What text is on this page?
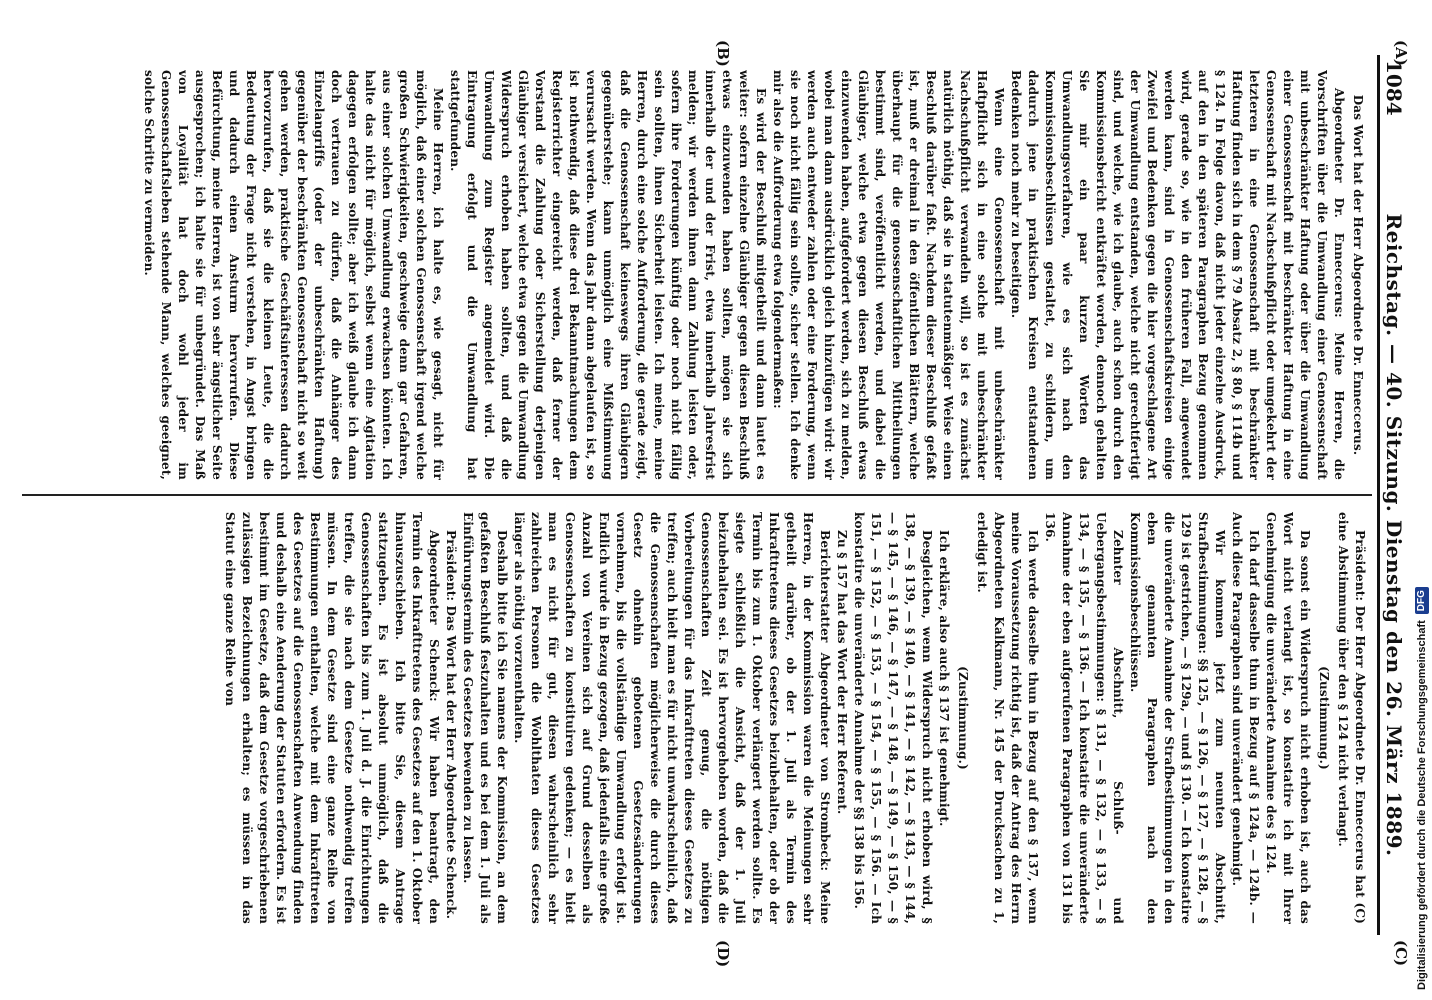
1084
Reichstag. — 40. Sitzung. Dienstag den 26. März 1889.
(A)
(B)
(C)
(D)

Das Wort hat der Herr Abgeordnete Dr. Enneccerus.

Abgeordneter Dr. Enneccerus: Meine Herren, die Vorschriften über die Umwandlung einer Genossenschaft mit unbeschränkter Haftung oder über die Umwandlung einer Genossenschaft mit beschränkter Haftung in eine Genossenschaft mit Nachschußpflicht oder umgekehrt der letzteren in eine Genossenschaft mit beschränkter Haftung finden sich in dem § 79 Absatz 2, § 80, § 114b und § 124. In Folge davon, daß nicht jeder einzelne Ausdruck, auf den in den späteren Paragraphen Bezug genommen wird, gerade so, wie in den früheren Fall, angewendet werden kann, sind in Genossenschaftskreisen einige Zweifel und Bedenken gegen die hier vorgeschlagene Art der Umwandlung entstanden, welche nicht gerechtfertigt sind, und welche, wie ich glaube, auch schon durch den Kommissionsbericht entkräftet worden, dennoch gehalten Sie mir ein paar kurzen Worten das Umwandlungsverfahren, wie es sich nach den Kommissionsbeschlüssen gestaltet, zu schildern, um dadurch jene in praktischen Kreisen entstandenen Bedenken noch mehr zu beseitigen.

Wenn eine Genossenschaft mit unbeschränkter Haftpflicht sich in eine solche mit unbeschränkter Nachschußpflicht verwandeln will, so ist es zunächst natürlich nöthig, daß sie in statutenmäßiger Weise einen Beschluß darüber faßt. Nachdem dieser Beschluß gefaßt ist, muß er dreimal in den öffentlichen Blättern, welche überhaupt für die genossenschaftlichen Mittheilungen bestimmt sind, veröffentlicht werden, und dabei die Gläubiger, welche etwa gegen diesen Beschluß etwas einzuwenden haben, aufgefordert werden, sich zu melden, wobei man dann ausdrücklich gleich hinzufügen wird: wir werden auch entweder zahlen oder eine Forderung, wenn sie noch nicht fällig sein sollte, sicher stellen. Ich denke mir also die Aufforderung etwa folgendermaßen:

Es wird der Beschluß mitgetheilt und dann lautet es weiter: sofern einzelne Gläubiger gegen diesen Beschluß etwas einzuwenden haben sollten, mögen sie sich innerhalb der und der Frist, etwa innerhalb Jahresfrist melden; wir werden ihnen dann Zahlung leisten oder, sofern ihre Forderungen künftig oder noch nicht fällig sein sollten, ihnen Sicherheit leisten. Ich meine, meine Herren, durch eine solche Aufforderung, die gerade zeigt, daß die Genossenschaft keineswegs ihren Gläubigern gegenüberstehe; kann unmöglich eine Mißstimmung verursacht werden. Wenn das Jahr dann abgelaufen ist, so ist nothwendig, daß diese drei Bekanntmachungen dem Registerrichter eingereicht werden, daß ferner der Vorstand die Zahlung oder Sicherstellung derjenigen Gläubiger versichert, welche etwa gegen die Umwandlung Widerspruch erhoben haben sollten, und daß die Umwandlung zum Register angemeldet wird. Die Eintragung erfolgt und die Umwandlung hat stattgefunden.

Meine Herren, ich halte es, wie gesagt, nicht für möglich, daß einer solchen Genossenschaft irgend welche großen Schwierigkeiten, geschweige denn gar Gefahren, aus einer solchen Umwandlung erwachsen könnten. Ich halte das nicht für möglich, selbst wenn eine Agitation dagegen erfolgen sollte; aber ich weiß glaube ich dann doch vertrauen zu dürfen, daß die Anhänger des Einzelangriffs (oder der unbeschränkten Haftung) gegenüber der beschränkten Genossenschaft nicht so weit gehen werden, praktische Geschäftsinteressen dadurch hervorzurufen, daß sie die kleinen Leute, die die Bedeutung der Frage nicht verstehen, in Angst bringen und dadurch einen Ansturm hervorrufen. Diese Befürchtung, meine Herren, ist von sehr ängstlicher Seite ausgesprochen; ich halte sie für unbegründet. Das Maß von Loyalität hat doch wohl jeder im Genossenschaftsleben stehende Mann, welches geeignet, solche Schritte zu vermeiden.

Präsident: Der Herr Abgeordnete Dr. Enneccerus hat (C) eine Abstimmung über den § 124 nicht verlangt.

(Zustimmung.)

Da sonst ein Widerspruch nicht erhoben ist, auch das Wort nicht verlangt ist, so konstatire ich mit Ihrer Genehmigung die unveränderte Annahme des § 124.

Ich darf dasselbe thun in Bezug auf § 124a, — 124b. — Auch diese Paragraphen sind unverändert genehmigt.

Wir kommen jetzt zum neunten Abschnitt, Strafbestimmungen: §§ 125, — § 126, — § 127, — § 128, — § 129 ist gestrichen, — § 129a, — und § 130. — Ich konstatire die unveränderte Annahme der Strafbestimmungen in den eben genannten Paragraphen nach den Kommissionsbeschlüssen.

Zehnter Abschnitt, Schluß- und Uebergangsbestimmungen: § 131, — § 132, — § 133, — § 134, — § 135, — § 136. — Ich konstatire die unveränderte Annahme der eben aufgerufenen Paragraphen von 131 bis 136.

Ich werde dasselbe thun in Bezug auf den § 137, wenn meine Voraussetzung richtig ist, daß der Antrag des Herrn Abgeordneten Kalkmann, Nr. 145 der Drucksachen zu 1, erledigt ist.

(Zustimmung.)

Ich erkläre, also auch § 137 ist genehmigt.

Desgleichen, wenn Widerspruch nicht erhoben wird, § 138, — § 139, — § 140, — § 141, — § 142, — § 143, — § 144, — § 145, — § 146, — § 147, — § 148, — § 149, — § 150, — § 151, — § 152, — § 153, — § 154, — § 155, — § 156. — Ich konstatire die unveränderte Annahme der §§ 138 bis 156.

Zu § 157 hat das Wort der Herr Referent.

Berichterstatter Abgeordneter von Strombeck: Meine Herren, in der Kommission waren die Meinungen sehr getheilt darüber, ob der 1. Juli als Termin des Inkrafttretens dieses Gesetzes beizubehalten, oder ob der Termin bis zum 1. Oktober verlängert werden sollte. Es siegte schließlich die Ansicht, daß der 1. Juli beizubehalten sei. Es ist hervorgehoben worden, daß die Genossenschaften Zeit genug, die nöthigen Vorbereitungen für das Inkrafttreten dieses Gesetzes zu treffen; auch hielt man es für nicht unwahrscheinlich, daß die Genossenschaften möglicherweise die durch dieses Gesetz ohnehin gebotenen Gesetzesänderungen vornehmen, bis die vollständige Umwandlung erfolgt ist. Endlich wurde in Bezug gezogen, daß jedenfalls eine große Anzahl von Vereinen sich auf Grund desselben als Genossenschaften zu konstituiren gedenken; — es hielt man es nicht für gut, diesen wahrscheinlich sehr zahlreichen Personen die Wohlthaten dieses Gesetzes länger als nöthig vorzuenthalten.

Deshalb bitte ich Sie namens der Kommission, an dem gefaßten Beschluß festzuhalten und es bei dem 1. Juli als Einführungstermin des Gesetzes bewenden zu lassen.

Präsident: Das Wort hat der Herr Abgeordnete Schenck.

Abgeordneter Schenck: Wir haben beantragt, den Termin des Inkrafttretens des Gesetzes auf den 1. Oktober hinauszuschieben. Ich bitte Sie, diesem Antrage stattzugeben. Es ist absolut unmöglich, daß die Genossenschaften bis zum 1. Juli d. J. die Einrichtungen treffen, die sie nach dem Gesetze nothwendig treffen müssen. In dem Gesetze sind eine ganze Reihe von Bestimmungen enthalten, welche mit dem Inkrafttreten des Gesetzes auf die Genossenschaften Anwendung finden und deshalb eine Aenderung der Statuten erfordern. Es ist bestimmt im Gesetze, daß dem Gesetze vorgeschriebenen zulässigen Bezeichnungen erhalten; es müssen in das Statut eine ganze Reihe von

Digitalisierung gefördert durch die Deutsche Forschungsgemeinschaft
DFG
